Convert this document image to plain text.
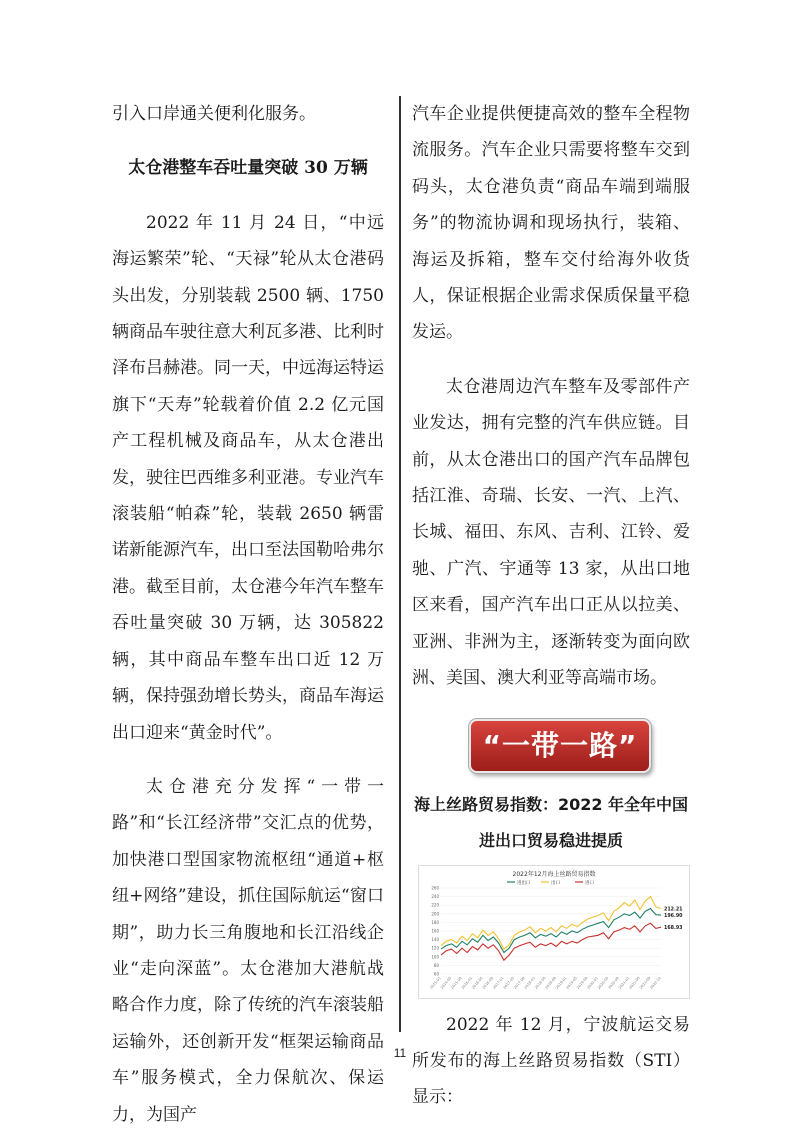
引入口岸通关便利化服务。

太仓港整车吞吐量突破 30 万辆

2022 年 11 月 24 日，“中远海运繁荣”轮、“天禄”轮从太仓港码头出发，分别装载 2500 辆、1750 辆商品车驶往意大利瓦多港、比利时泽布吕赫港。同一天，中远海运特运旗下“天寿”轮载着价值 2.2 亿元国产工程机械及商品车，从太仓港出发，驶往巴西维多利亚港。专业汽车滚装船“帕森”轮，装载 2650 辆雷诺新能源汽车，出口至法国勒哈弗尔港。截至目前，太仓港今年汽车整车吞吐量突破 30 万辆，达 305822 辆，其中商品车整车出口近 12 万辆，保持强劲增长势头，商品车海运出口迎来“黄金时代”。

太仓港充分发挥“一带一路”和“长江经济带”交汇点的优势，加快港口型国家物流枢纽“通道+枢纽+网络”建设，抓住国际航运“窗口期”，助力长三角腹地和长江沿线企业“走向深蓝”。太仓港加大港航战略合作力度，除了传统的汽车滚装船运输外，还创新开发“框架运输商品车”服务模式，全力保航次、保运力，为国产

汽车企业提供便捷高效的整车全程物流服务。汽车企业只需要将整车交到码头，太仓港负责“商品车端到端服务”的物流协调和现场执行，装箱、海运及拆箱，整车交付给海外收货人，保证根据企业需求保质保量平稳发运。

太仓港周边汽车整车及零部件产业发达，拥有完整的汽车供应链。目前，从太仓港出口的国产汽车品牌包括江淮、奇瑞、长安、一汽、上汽、长城、福田、东风、吉利、江铃、爱驰、广汽、宇通等 13 家，从出口地区来看，国产汽车出口正从以拉美、亚洲、非洲为主，逐渐转变为面向欧洲、美国、澳大利亚等高端市场。

“一带一路”
海上丝路贸易指数：2022 年全年中国进出口贸易稳进提质
2022年12月海上丝路贸易指数
进出口	出口	进口
60
80
100
120
140
160
180
200
220
240
260
2015-01
2015-05
2015-09
2016-01
2016-05
2016-09
2017-01
2017-05
2017-09
2018-01
2018-05
2018-09
2019-01
2019-05
2019-09
2020-01
2020-05
2020-09
2021-01
2021-05
2021-09
2022-12
196.90
212.21
168.93

2022 年 12 月，宁波航运交易所发布的海上丝路贸易指数（STI）显示：

11
